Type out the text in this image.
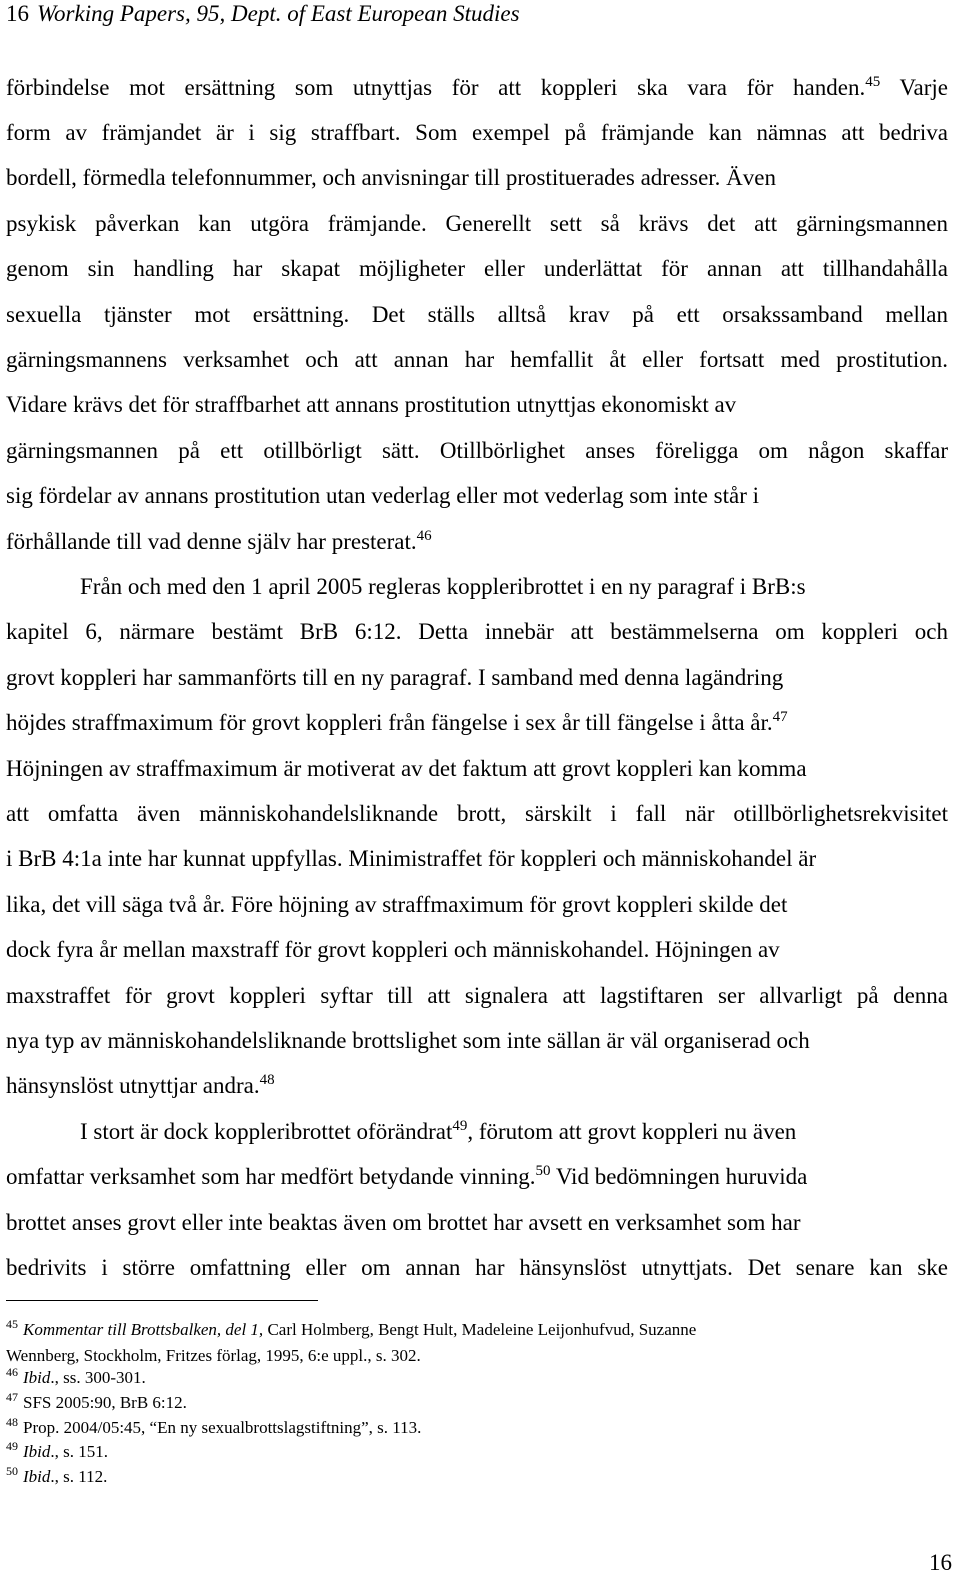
16 Working Papers, 95, Dept. of East European Studies
förbindelse mot ersättning som utnyttjas för att koppleri ska vara för handen.$^{45}$ Varje
form av främjandet är i sig straffbart. Som exempel på främjande kan nämnas att bedriva
bordell, förmedla telefonnummer, och anvisningar till prostituerades adresser. Även
psykisk påverkan kan utgöra främjande. Generellt sett så krävs det att gärningsmannen
genom sin handling har skapat möjligheter eller underlättat för annan att tillhandahålla
sexuella tjänster mot ersättning. Det ställs alltså krav på ett orsakssamband mellan
gärningsmannens verksamhet och att annan har hemfallit åt eller fortsatt med prostitution.
Vidare krävs det för straffbarhet att annans prostitution utnyttjas ekonomiskt av
gärningsmannen på ett otillbörligt sätt. Otillbörlighet anses föreligga om någon skaffar
sig fördelar av annans prostitution utan vederlag eller mot vederlag som inte står i
förhållande till vad denne själv har presterat.$^{46}$
Från och med den 1 april 2005 regleras koppleribrottet i en ny paragraf i BrB:s
kapitel 6, närmare bestämt BrB 6:12. Detta innebär att bestämmelserna om koppleri och
grovt koppleri har sammanförts till en ny paragraf. I samband med denna lagändring
höjdes straffmaximum för grovt koppleri från fängelse i sex år till fängelse i åtta år.$^{47}$
Höjningen av straffmaximum är motiverat av det faktum att grovt koppleri kan komma
att omfatta även människohandelsliknande brott, särskilt i fall när otillbörlighetsrekvisitet
i BrB 4:1a inte har kunnat uppfyllas. Minimistraffet för koppleri och människohandel är
lika, det vill säga två år. Före höjning av straffmaximum för grovt koppleri skilde det
dock fyra år mellan maxstraff för grovt koppleri och människohandel. Höjningen av
maxstraffet för grovt koppleri syftar till att signalera att lagstiftaren ser allvarligt på denna
nya typ av människohandelsliknande brottslighet som inte sällan är väl organiserad och
hänsynslöst utnyttjar andra.$^{48}$
I stort är dock koppleribrottet oförändrat$^{49}$, förutom att grovt koppleri nu även
omfattar verksamhet som har medfört betydande vinning.$^{50}$ Vid bedömningen huruvida
brottet anses grovt eller inte beaktas även om brottet har avsett en verksamhet som har
bedrivits i större omfattning eller om annan har hänsynslöst utnyttjats. Det senare kan ske
$^{45}$ Kommentar till Brottsbalken, del 1, Carl Holmberg, Bengt Hult, Madeleine Leijonhufvud, Suzanne
Wennberg, Stockholm, Fritzes förlag, 1995, 6:e uppl., s. 302.
$^{46}$ Ibid., ss. 300-301.
$^{47}$ SFS 2005:90, BrB 6:12.
$^{48}$ Prop. 2004/05:45, “En ny sexualbrottslagstiftning”, s. 113.
$^{49}$ Ibid., s. 151.
$^{50}$ Ibid., s. 112.
16
